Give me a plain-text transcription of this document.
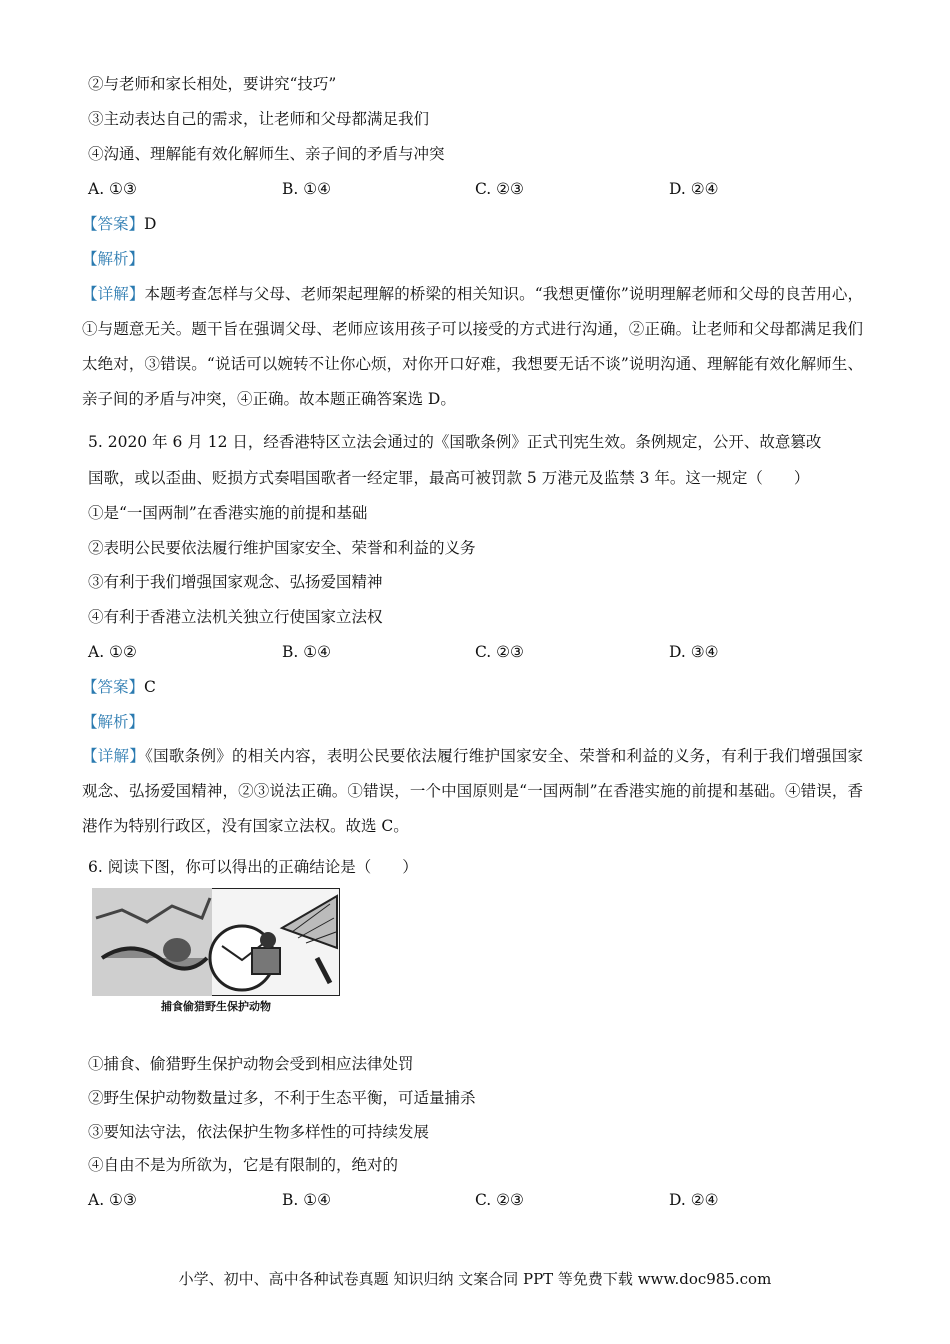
②与老师和家长相处，要讲究“技巧”
③主动表达自己的需求，让老师和父母都满足我们
④沟通、理解能有效化解师生、亲子间的矛盾与冲突
A. ①③	B. ①④	C. ②③	D. ②④
【答案】D
【解析】
【详解】本题考查怎样与父母、老师架起理解的桥梁的相关知识。“我想更懂你”说明理解老师和父母的良苦用心，①与题意无关。题干旨在强调父母、老师应该用孩子可以接受的方式进行沟通，②正确。让老师和父母都满足我们太绝对，③错误。“说话可以婉转不让你心烦，对你开口好难，我想要无话不谈”说明沟通、理解能有效化解师生、亲子间的矛盾与冲突，④正确。故本题正确答案选 D。
5. 2020 年 6 月 12 日，经香港特区立法会通过的《国歌条例》正式刊宪生效。条例规定，公开、故意篡改
国歌，或以歪曲、贬损方式奏唱国歌者一经定罪，最高可被罚款 5 万港元及监禁 3 年。这一规定（　　）
①是“一国两制”在香港实施的前提和基础
②表明公民要依法履行维护国家安全、荣誉和利益的义务
③有利于我们增强国家观念、弘扬爱国精神
④有利于香港立法机关独立行使国家立法权
A. ①②	B. ①④	C. ②③	D. ③④
【答案】C
【解析】
【详解】《国歌条例》的相关内容，表明公民要依法履行维护国家安全、荣誉和利益的义务，有利于我们增强国家观念、弘扬爱国精神，②③说法正确。①错误，一个中国原则是“一国两制”在香港实施的前提和基础。④错误，香港作为特别行政区，没有国家立法权。故选 C。
6. 阅读下图，你可以得出的正确结论是（　　）
捕食偷猎野生保护动物
①捕食、偷猎野生保护动物会受到相应法律处罚
②野生保护动物数量过多，不利于生态平衡，可适量捕杀
③要知法守法，依法保护生物多样性的可持续发展
④自由不是为所欲为，它是有限制的，绝对的
A. ①③	B. ①④	C. ②③	D. ②④
小学、初中、高中各种试卷真题 知识归纳 文案合同 PPT 等免费下载 www.doc985.com
